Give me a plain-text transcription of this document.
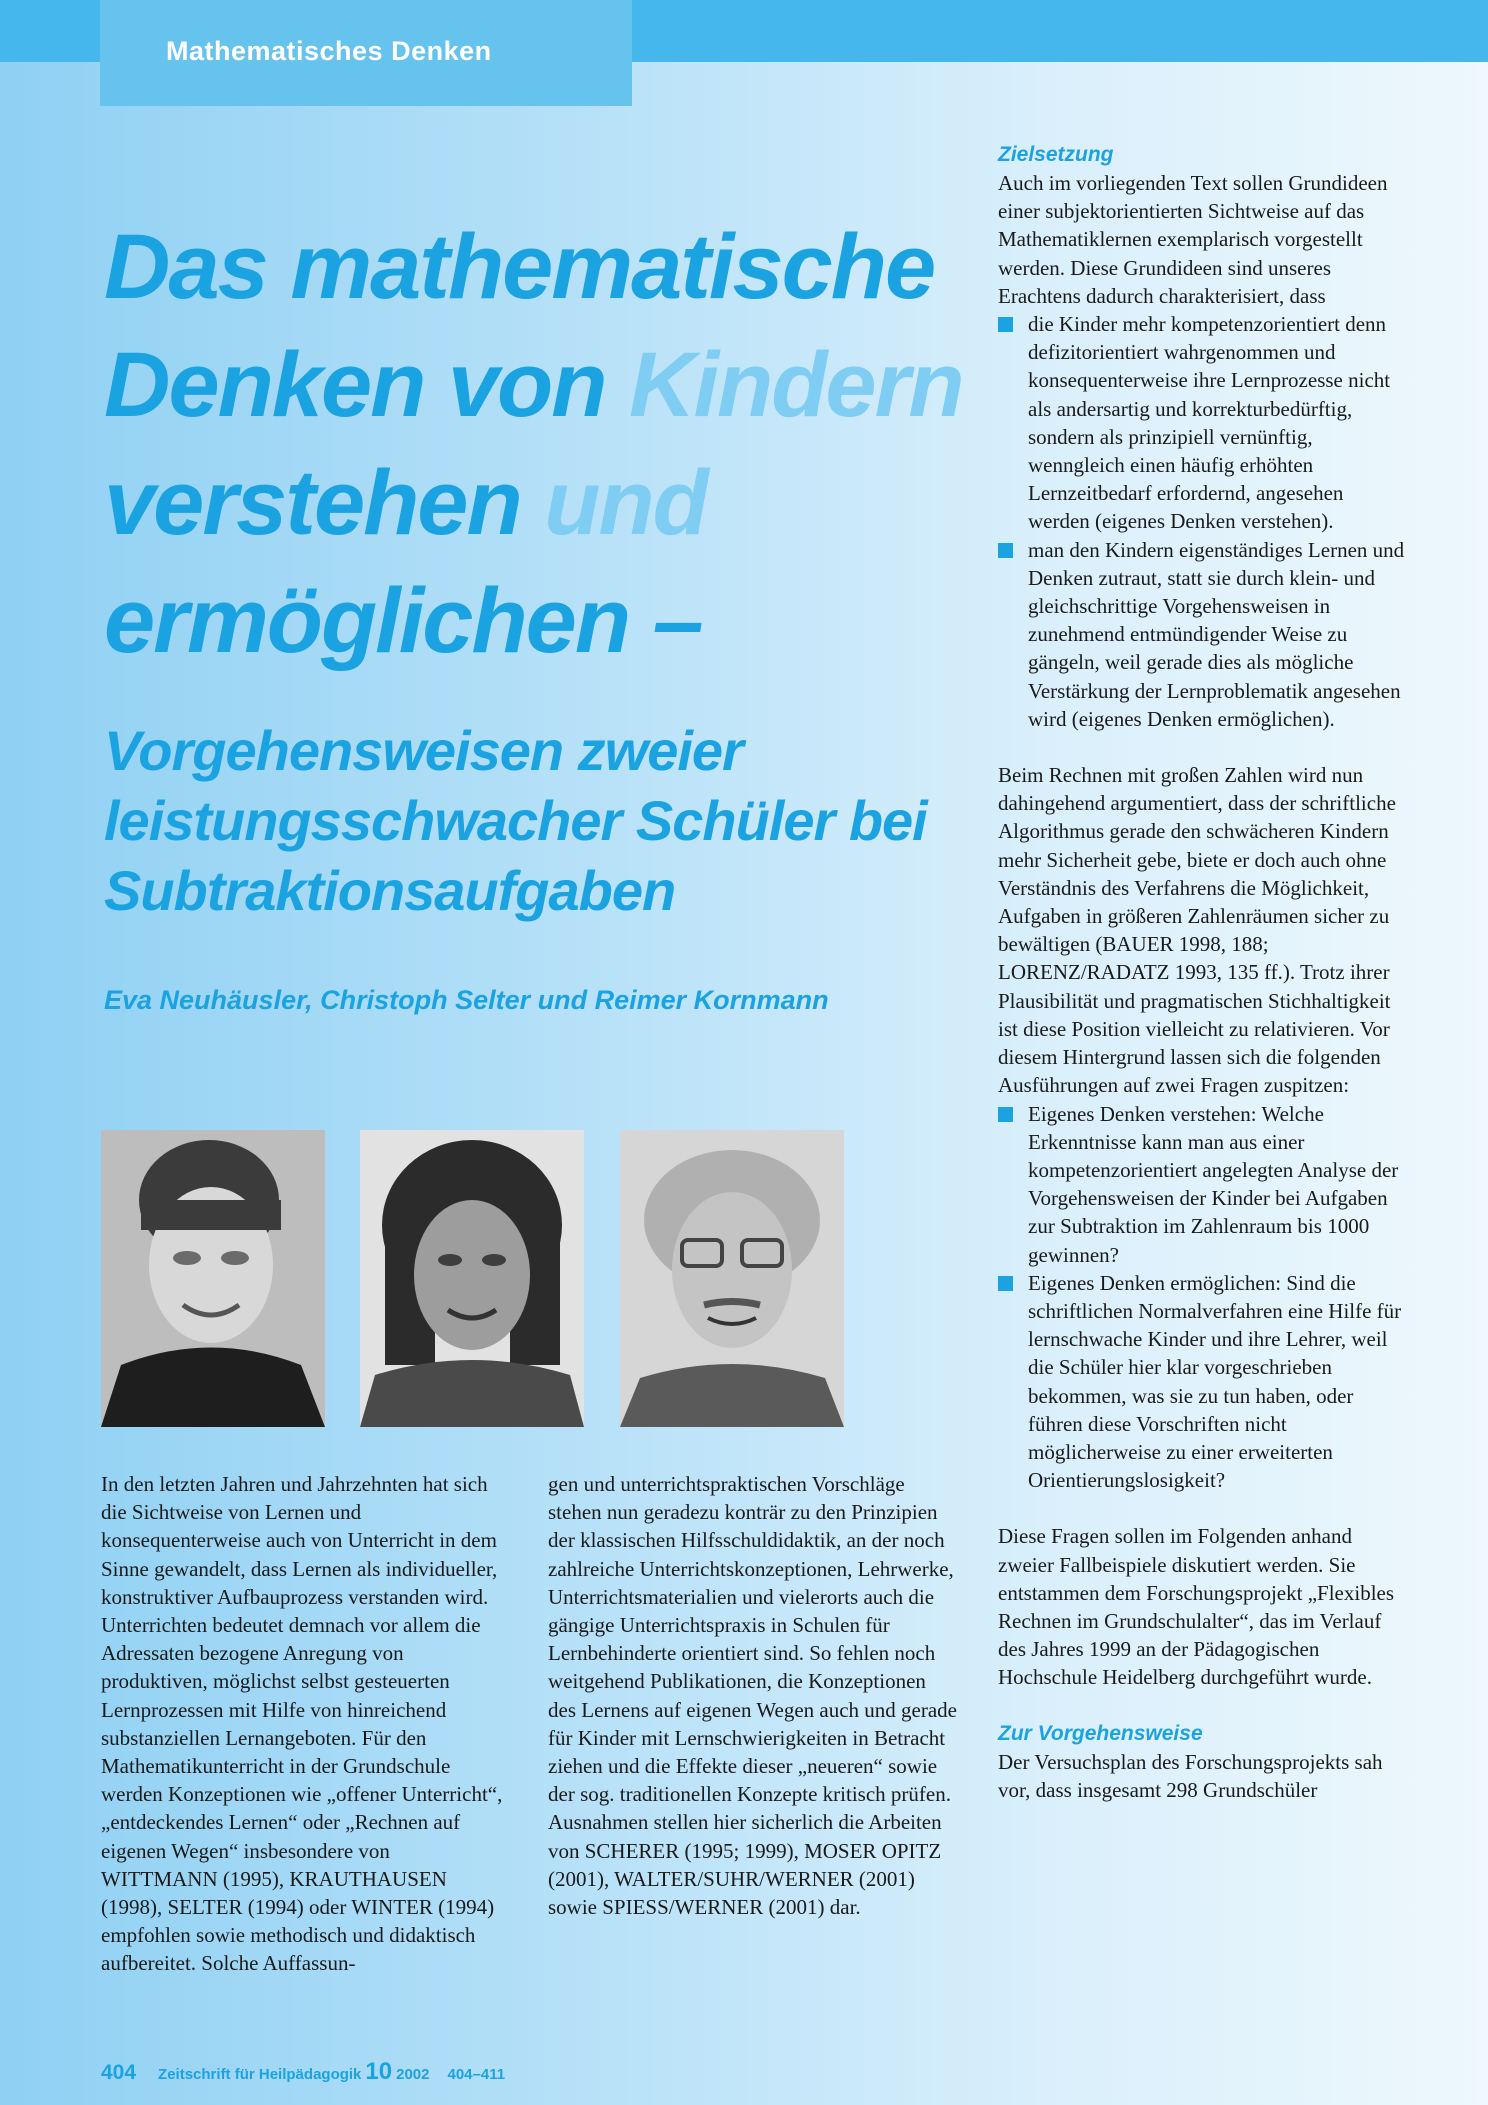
Mathematisches Denken
Das mathematische
Denken von Kindern
verstehen und
ermöglichen –
Vorgehensweisen zweier
leistungsschwacher Schüler bei
Subtraktionsaufgaben
Eva Neuhäusler, Christoph Selter und Reimer Kornmann

In den letzten Jahren und Jahrzehnten hat sich die Sichtweise von Lernen und konsequenterweise auch von Unterricht in dem Sinne gewandelt, dass Lernen als individueller, konstruktiver Aufbauprozess verstanden wird. Unterrichten bedeutet demnach vor allem die Adressaten bezogene Anregung von produktiven, möglichst selbst gesteuerten Lernprozessen mit Hilfe von hinreichend substanziellen Lernangeboten. Für den Mathematikunterricht in der Grundschule werden Konzeptionen wie „offener Unterricht“, „entdeckendes Lernen“ oder „Rechnen auf eigenen Wegen“ insbesondere von WITTMANN (1995), KRAUTHAUSEN (1998), SELTER (1994) oder WINTER (1994) empfohlen sowie methodisch und didaktisch aufbereitet. Solche Auffassun-

gen und unterrichtspraktischen Vorschläge stehen nun geradezu konträr zu den Prinzipien der klassischen Hilfsschuldidaktik, an der noch zahlreiche Unterrichtskonzeptionen, Lehrwerke, Unterrichtsmaterialien und vielerorts auch die gängige Unterrichtspraxis in Schulen für Lernbehinderte orientiert sind. So fehlen noch weitgehend Publikationen, die Konzeptionen des Lernens auf eigenen Wegen auch und gerade für Kinder mit Lernschwierigkeiten in Betracht ziehen und die Effekte dieser „neueren“ sowie der sog. traditionellen Konzepte kritisch prüfen. Ausnahmen stellen hier sicherlich die Arbeiten von SCHERER (1995; 1999), MOSER OPITZ (2001), WALTER/SUHR/WERNER (2001) sowie SPIESS/WERNER (2001) dar.

Zielsetzung

Auch im vorliegenden Text sollen Grundideen einer subjektorientierten Sichtweise auf das Mathematiklernen exemplarisch vorgestellt werden. Diese Grundideen sind unseres Erachtens dadurch charakterisiert, dass

die Kinder mehr kompetenzorientiert denn defizitorientiert wahrgenommen und konsequenterweise ihre Lernprozesse nicht als andersartig und korrekturbedürftig, sondern als prinzipiell vernünftig, wenngleich einen häufig erhöhten Lernzeitbedarf erfordernd, angesehen werden (eigenes Denken verstehen).
man den Kindern eigenständiges Lernen und Denken zutraut, statt sie durch klein- und gleichschrittige Vorgehensweisen in zunehmend entmündigender Weise zu gängeln, weil gerade dies als mögliche Verstärkung der Lernproblematik angesehen wird (eigenes Denken ermöglichen).

Beim Rechnen mit großen Zahlen wird nun dahingehend argumentiert, dass der schriftliche Algorithmus gerade den schwächeren Kindern mehr Sicherheit gebe, biete er doch auch ohne Verständnis des Verfahrens die Möglichkeit, Aufgaben in größeren Zahlenräumen sicher zu bewältigen (BAUER 1998, 188; LORENZ/RADATZ 1993, 135 ff.). Trotz ihrer Plausibilität und pragmatischen Stichhaltigkeit ist diese Position vielleicht zu relativieren. Vor diesem Hintergrund lassen sich die folgenden Ausführungen auf zwei Fragen zuspitzen:

Eigenes Denken verstehen: Welche Erkenntnisse kann man aus einer kompetenzorientiert angelegten Analyse der Vorgehensweisen der Kinder bei Aufgaben zur Subtraktion im Zahlenraum bis 1000 gewinnen?
Eigenes Denken ermöglichen: Sind die schriftlichen Normalverfahren eine Hilfe für lernschwache Kinder und ihre Lehrer, weil die Schüler hier klar vorgeschrieben bekommen, was sie zu tun haben, oder führen diese Vorschriften nicht möglicherweise zu einer erweiterten Orientierungslosigkeit?

Diese Fragen sollen im Folgenden anhand zweier Fallbeispiele diskutiert werden. Sie entstammen dem Forschungsprojekt „Flexibles Rechnen im Grundschulalter“, das im Verlauf des Jahres 1999 an der Pädagogischen Hochschule Heidelberg durchgeführt wurde.

Zur Vorgehensweise

Der Versuchsplan des Forschungsprojekts sah vor, dass insgesamt 298 Grundschüler

404 Zeitschrift für Heilpädagogik 10 2002 404–411
